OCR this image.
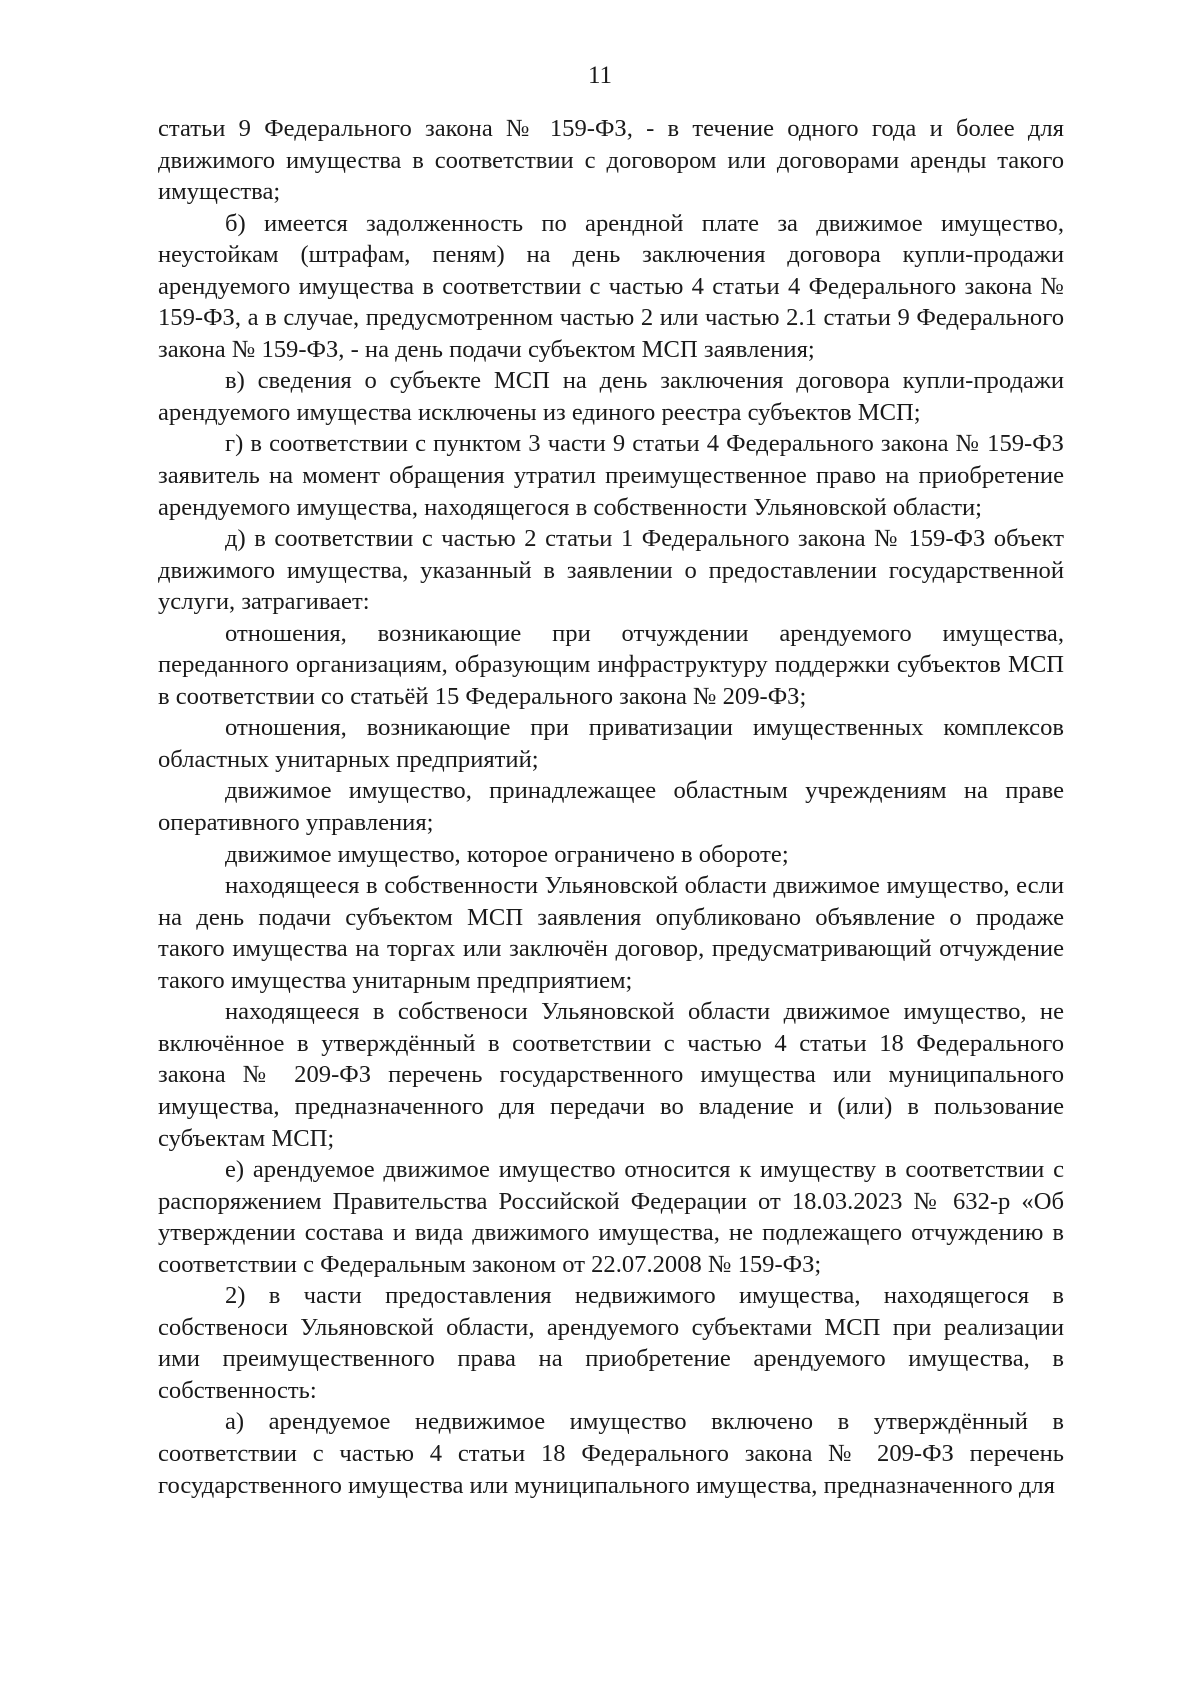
11

статьи 9 Федерального закона № 159-ФЗ, - в течение одного года и более для движимого имущества в соответствии с договором или договорами аренды такого имущества;

б) имеется задолженность по арендной плате за движимое имущество, неустойкам (штрафам, пеням) на день заключения договора купли-продажи арендуемого имущества в соответствии с частью 4 статьи 4 Федерального закона № 159-ФЗ, а в случае, предусмотренном частью 2 или частью 2.1 статьи 9 Федерального закона № 159-ФЗ, - на день подачи субъектом МСП заявления;

в) сведения о субъекте МСП на день заключения договора купли-продажи арендуемого имущества исключены из единого реестра субъектов МСП;

г) в соответствии с пунктом 3 части 9 статьи 4 Федерального закона № 159-ФЗ заявитель на момент обращения утратил преимущественное право на приобретение арендуемого имущества, находящегося в собственности Ульяновской области;

д) в соответствии с частью 2 статьи 1 Федерального закона № 159-ФЗ объект движимого имущества, указанный в заявлении о предоставлении государственной услуги, затрагивает:

отношения, возникающие при отчуждении арендуемого имущества, переданного организациям, образующим инфраструктуру поддержки субъектов МСП в соответствии со статьёй 15 Федерального закона № 209-ФЗ;

отношения, возникающие при приватизации имущественных комплексов областных унитарных предприятий;

движимое имущество, принадлежащее областным учреждениям на праве оперативного управления;

движимое имущество, которое ограничено в обороте;

находящееся в собственности Ульяновской области движимое имущество, если на день подачи субъектом МСП заявления опубликовано объявление о продаже такого имущества на торгах или заключён договор, предусматривающий отчуждение такого имущества унитарным предприятием;

находящееся в собственоси Ульяновской области движимое имущество, не включённое в утверждённый в соответствии с частью 4 статьи 18 Федерального закона № 209-ФЗ перечень государственного имущества или муниципального имущества, предназначенного для передачи во владение и (или) в пользование субъектам МСП;

е) арендуемое движимое имущество относится к имуществу в соответствии с распоряжением Правительства Российской Федерации от 18.03.2023 № 632-р «Об утверждении состава и вида движимого имущества, не подлежащего отчуждению в соответствии с Федеральным законом от 22.07.2008 № 159-ФЗ;

2) в части предоставления недвижимого имущества, находящегося в собственоси Ульяновской области, арендуемого субъектами МСП при реализации ими преимущественного права на приобретение арендуемого имущества, в собственность:

а) арендуемое недвижимое имущество включено в утверждённый в соответствии с частью 4 статьи 18 Федерального закона № 209-ФЗ перечень государственного имущества или муниципального имущества, предназначенного для
